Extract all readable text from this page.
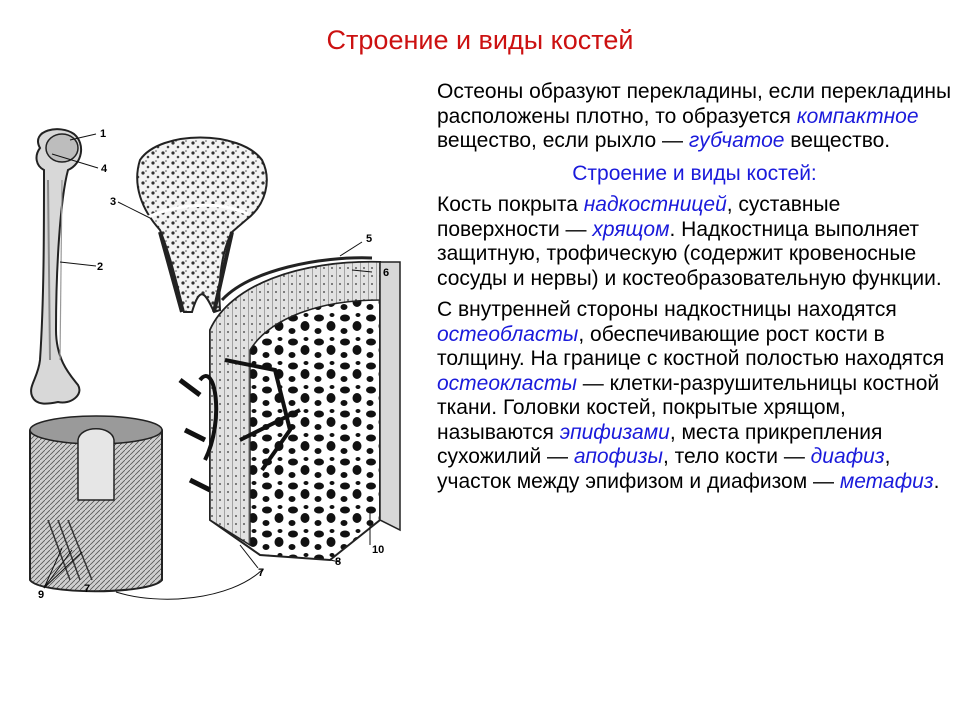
Строение и виды костей

Остеоны образуют перекладины, если перекладины расположены плотно, то образуется компактное вещество, если рыхло — губчатое вещество.

Строение и виды костей:

Кость покрыта надкостницей, суставные поверхности — хрящом. Надкостница выполняет защитную, трофическую (содержит кровеносные сосуды и нервы) и костеобразовательную функции.

С внутренней стороны надкостницы находятся остеобласты, обеспечивающие рост кости в толщину. На границе с костной полостью находятся остеокласты — клетки-разрушительницы костной ткани. Головки костей, покрытые хрящом, называются эпифизами, места прикрепления сухожилий — апофизы, тело кости — диафиз, участок между эпифизом и диафизом — метафиз.

1
4
2
3
5
6
8
10
7
7
9
